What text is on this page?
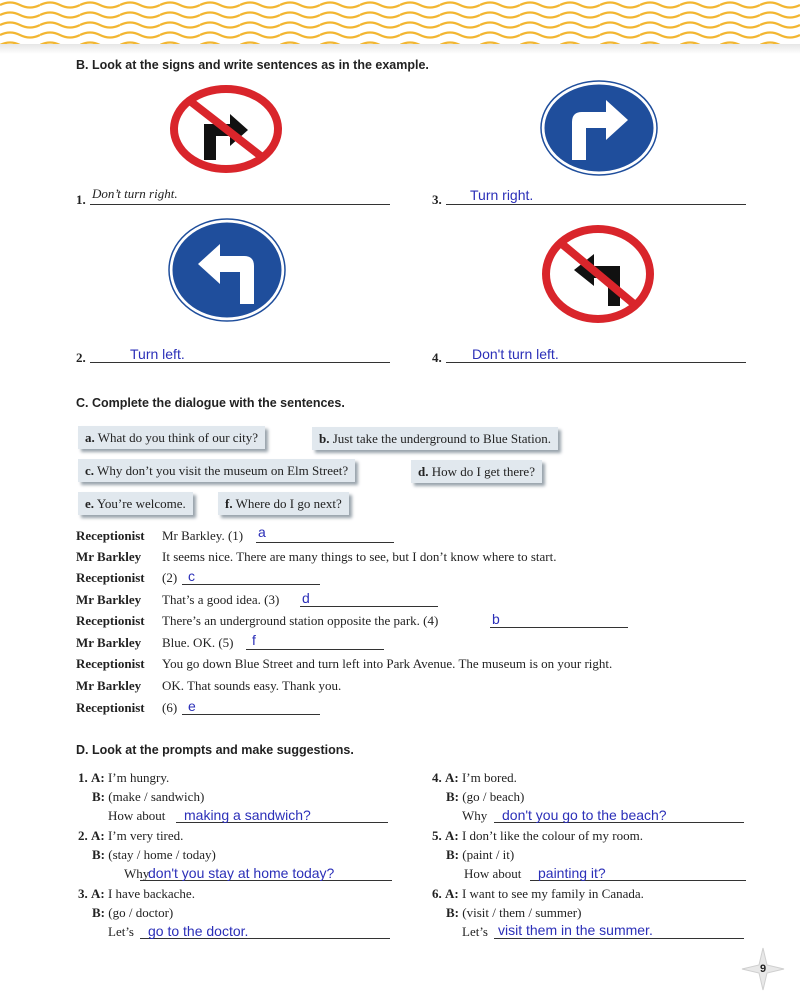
B. Look at the signs and write sentences as in the example.
1. Don’t turn right.	3. Turn right.
2.	Turn left.	4. Don't turn left.
C. Complete the dialogue with the sentences.
a. What do you think of our city?	b. Just take the underground to Blue Station.
c. Why don’t you visit the museum on Elm Street?	d. How do I get there?
e. You’re welcome.	f. Where do I go next?
Receptionist Mr Barkley. (1) a
Mr Barkley It seems nice. There are many things to see, but I don’t know where to start.
Receptionist (2) c
Mr Barkley That’s a good idea. (3) d
Receptionist There’s an underground station opposite the park. (4)	b
Mr Barkley Blue. OK. (5) f
Receptionist You go down Blue Street and turn left into Park Avenue. The museum is on your right.
Mr Barkley OK. That sounds easy. Thank you.
Receptionist (6) e
D. Look at the prompts and make suggestions.
1. A: I’m hungry.
B: (make / sandwich)
How about making a sandwich?
2. A: I’m very tired.
B: (stay / home / today)
Why
don't you stay at home today?
3. A: I have backache.
B: (go / doctor)
Let’s go to the doctor.
4. A: I’m bored.
B: (go / beach)
Why don't you go to the beach?
5. A: I don’t like the colour of my room.
B: (paint / it)
How about painting it?
6. A: I want to see my family in Canada.
B: (visit / them / summer)
Let’s visit them in the summer.
9
